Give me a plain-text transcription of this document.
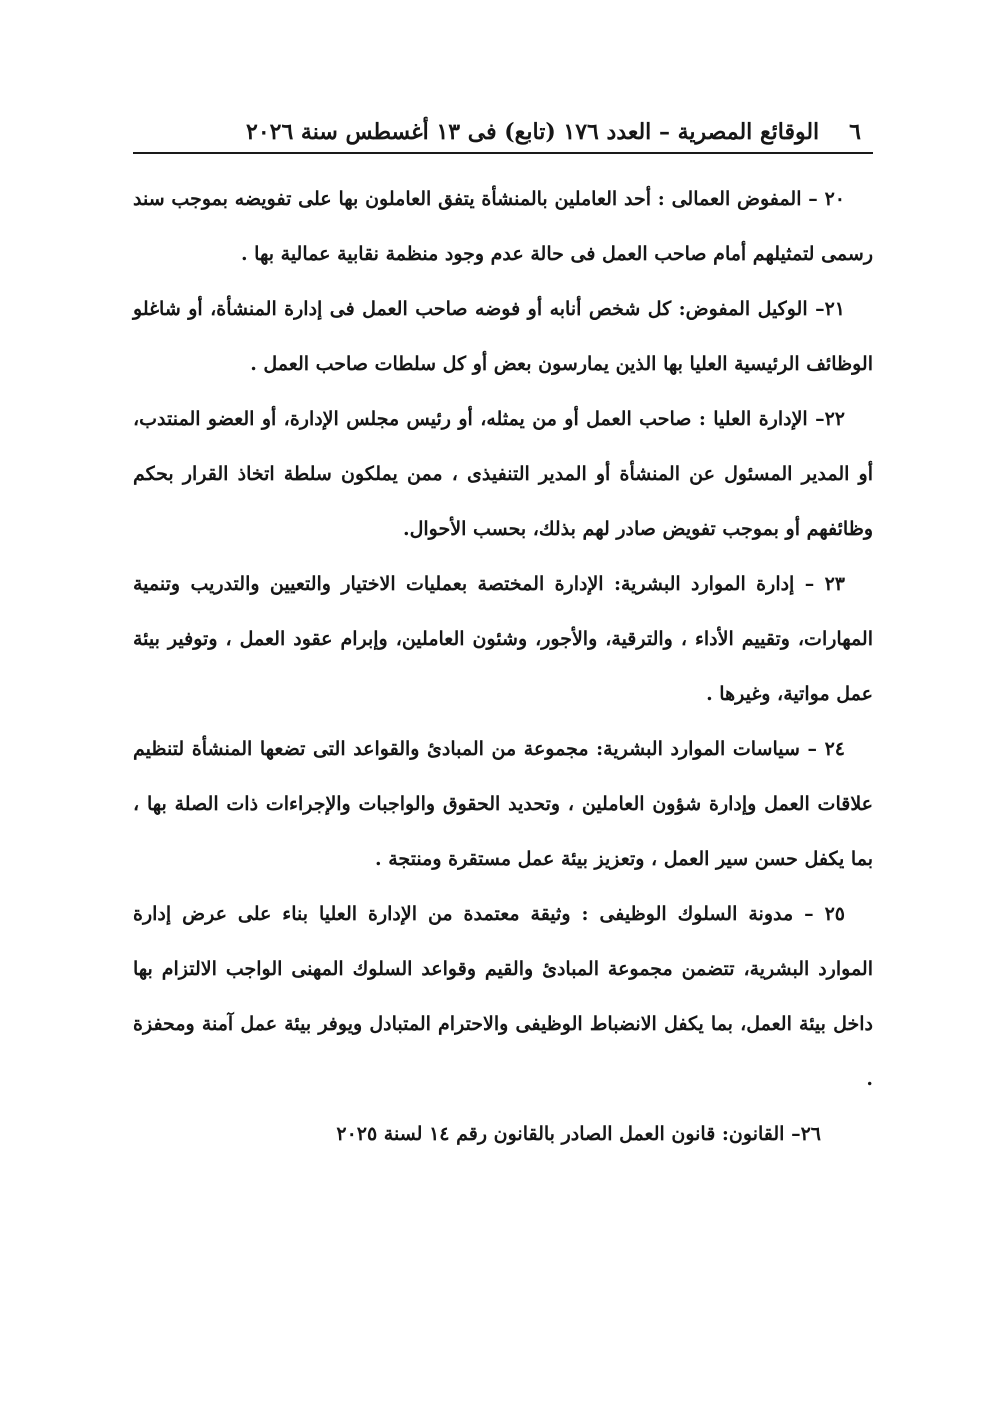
٦
الوقائع المصرية – العدد ١٧٦ (تابع) فى ١٣ أغسطس سنة ٢٠٢٦

٢٠ – المفوض العمالى : أحد العاملين بالمنشأة يتفق العاملون بها على تفويضه بموجب سند رسمى لتمثيلهم أمام صاحب العمل فى حالة عدم وجود منظمة نقابية عمالية بها .

٢١– الوكيل المفوض: كل شخص أنابه أو فوضه صاحب العمل فى إدارة المنشأة، أو شاغلو الوظائف الرئيسية العليا بها الذين يمارسون بعض أو كل سلطات صاحب العمل .

٢٢– الإدارة العليا : صاحب العمل أو من يمثله، أو رئيس مجلس الإدارة، أو العضو المنتدب، أو المدير المسئول عن المنشأة أو المدير التنفيذى ، ممن يملكون سلطة اتخاذ القرار بحكم وظائفهم أو بموجب تفويض صادر لهم بذلك، بحسب الأحوال.

٢٣ – إدارة الموارد البشرية: الإدارة المختصة بعمليات الاختيار والتعيين والتدريب وتنمية المهارات، وتقييم الأداء ، والترقية، والأجور، وشئون العاملين، وإبرام عقود العمل ، وتوفير بيئة عمل مواتية، وغيرها .

٢٤ – سياسات الموارد البشرية: مجموعة من المبادئ والقواعد التى تضعها المنشأة لتنظيم علاقات العمل وإدارة شؤون العاملين ، وتحديد الحقوق والواجبات والإجراءات ذات الصلة بها ، بما يكفل حسن سير العمل ، وتعزيز بيئة عمل مستقرة ومنتجة .

٢٥ – مدونة السلوك الوظيفى : وثيقة معتمدة من الإدارة العليا بناء على عرض إدارة الموارد البشرية، تتضمن مجموعة المبادئ والقيم وقواعد السلوك المهنى الواجب الالتزام بها داخل بيئة العمل، بما يكفل الانضباط الوظيفى والاحترام المتبادل ويوفر بيئة عمل آمنة ومحفزة .

٢٦– القانون: قانون العمل الصادر بالقانون رقم ١٤ لسنة ٢٠٢٥
